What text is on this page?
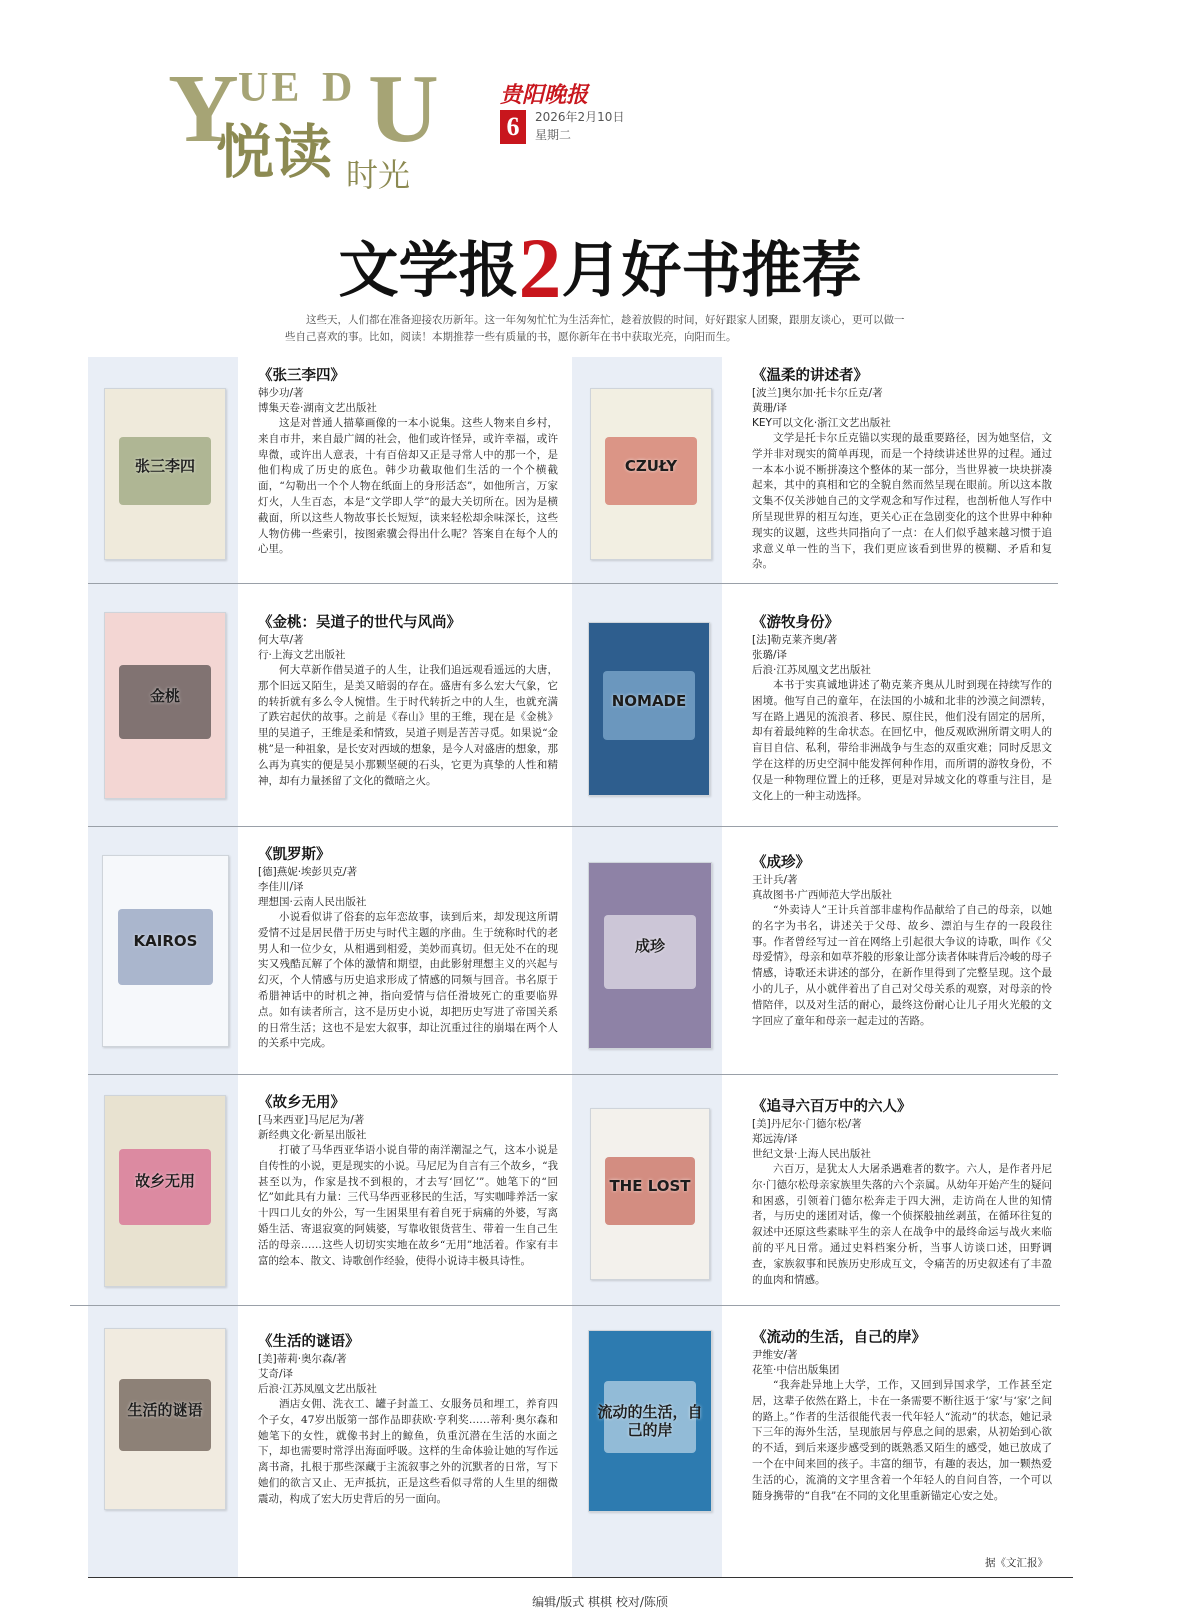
Y UE D U
悦读 时光
贵阳晚报
6	2026年2月10日
星期二
文学报2月好书推荐
这些天，人们都在准备迎接农历新年。这一年匆匆忙忙为生活奔忙，趁着放假的时间，好好跟家人团聚，跟朋友谈心，更可以做一些自己喜欢的事。比如，阅读！本期推荐一些有质量的书，愿你新年在书中获取光亮，向阳而生。
张三李四
《张三李四》
韩少功/著
博集天卷·湖南文艺出版社
这是对普通人描摹画像的一本小说集。这些人物来自乡村，来自市井，来自最广阔的社会，他们或许怪异，或许幸福，或许卑微，或许出人意表，十有百倍却又正是寻常人中的那一个，是他们构成了历史的底色。韩少功截取他们生活的一个个横截面，“勾勒出一个个人物在纸面上的身形活态”，如他所言，万家灯火，人生百态，本是“文学即人学”的最大关切所在。因为是横截面，所以这些人物故事长长短短，读来轻松却余味深长，这些人物仿佛一些索引，按图索骥会得出什么呢？答案自在每个人的心里。
CZUŁY
《温柔的讲述者》
[波兰]奥尔加·托卡尔丘克/著
黄珊/译
KEY可以文化·浙江文艺出版社
文学是托卡尔丘克锚以实现的最重要路径，因为她坚信，文学并非对现实的简单再现，而是一个持续讲述世界的过程。通过一本本小说不断拼凑这个整体的某一部分，当世界被一块块拼凑起来，其中的真相和它的全貌自然而然呈现在眼前。所以这本散文集不仅关涉她自己的文学观念和写作过程，也剖析他人写作中所呈现世界的相互勾连，更关心正在急剧变化的这个世界中种种现实的议题，这些共同指向了一点：在人们似乎越来越习惯于追求意义单一性的当下，我们更应该看到世界的模糊、矛盾和复杂。
金桃
《金桃：吴道子的世代与风尚》
何大草/著
行·上海文艺出版社
何大草新作借吴道子的人生，让我们追远观看遥远的大唐，那个旧远又陌生，是美又暗弱的存在。盛唐有多么宏大气象，它的转折就有多么令人惋惜。生于时代转折之中的人生，也就充满了跌宕起伏的故事。之前是《春山》里的王维，现在是《金桃》里的吴道子，王维是柔和情致，吴道子则是苦苦寻觅。如果说“金桃”是一种祖象，是长安对西域的想象，是今人对盛唐的想象，那么再为真实的便是吴小那颗坚硬的石头，它更为真挚的人性和精神，却有力量拯留了文化的微暗之火。
NOMADE
《游牧身份》
[法]勒克莱齐奥/著
张璐/译
后浪·江苏凤凰文艺出版社
本书于实真诚地讲述了勒克莱齐奥从儿时到现在持续写作的困境。他写自己的童年，在法国的小城和北非的沙漠之间漂转，写在路上遇见的流浪者、移民、原住民，他们没有固定的居所，却有着最纯粹的生命状态。在回忆中，他反观欧洲所谓文明人的盲目自信、私利，带给非洲战争与生态的双重灾难；同时反思文学在这样的历史空洞中能发挥何种作用，而所谓的游牧身份，不仅是一种物理位置上的迁移，更是对异域文化的尊重与注目，是文化上的一种主动选择。
KAIROS
《凯罗斯》
[德]燕妮·埃彭贝克/著
李佳川/译
理想国·云南人民出版社
小说看似讲了俗套的忘年恋故事，读到后来，却发现这所谓爱情不过是居民借于历史与时代主题的序曲。生于统称时代的老男人和一位少女，从相遇到相爱，美妙而真切。但无处不在的现实又残酷瓦解了个体的激情和期望，由此影射理想主义的兴起与幻灭，个人情感与历史追求形成了情感的同频与回音。书名原于希腊神话中的时机之神，指向爱情与信任滑坡死亡的重要临界点。如有读者所言，这不是历史小说，却把历史写进了帝国关系的日常生活；这也不是宏大叙事，却让沉重过往的崩塌在两个人的关系中完成。
成珍
《成珍》
王计兵/著
真故图书·广西师范大学出版社
“外卖诗人”王计兵首部非虚构作品献给了自己的母亲，以她的名字为书名，讲述关于父母、故乡、漂泊与生存的一段段往事。作者曾经写过一首在网络上引起很大争议的诗歌，叫作《父母爱情》，母亲和如草芥般的形象让部分读者体味背后冷峻的母子情感，诗歌还未讲述的部分，在新作里得到了完整呈现。这个最小的儿子，从小就伴着出了自己对父母关系的观察，对母亲的怜惜陪伴，以及对生活的耐心，最终这份耐心让儿子用火光般的文字回应了童年和母亲一起走过的苦路。
故乡无用
《故乡无用》
[马来西亚]马尼尼为/著
新经典文化·新星出版社
打破了马华西亚华语小说自带的南洋潮湿之气，这本小说是自传性的小说，更是现实的小说。马尼尼为自言有三个故乡，“我甚至以为，作家是找不到根的，才去写‘回忆’”。她笔下的“回忆”如此具有力量：三代马华西亚移民的生活，写实咖啡养活一家十四口儿女的外公，写一生困果里有着自死于病痛的外婆，写离婚生活、寄退寂寞的阿姨婆，写靠收银货营生、带着一生自己生活的母亲……这些人切切实实地在故乡“无用”地活着。作家有丰富的绘本、散文、诗歌创作经验，使得小说诗丰极具诗性。
THE LOST
《追寻六百万中的六人》
[美]丹尼尔·门德尔松/著
郑远涛/译
世纪文景·上海人民出版社
六百万，是犹太人大屠杀遇难者的数字。六人，是作者丹尼尔·门德尔松母亲家族里失落的六个亲属。从幼年开始产生的疑问和困惑，引领着门德尔松奔走于四大洲，走访尚在人世的知情者，与历史的迷团对话，像一个侦探般抽丝剥茧，在循环往复的叙述中还原这些素昧平生的亲人在战争中的最终命运与战火来临前的平凡日常。通过史料档案分析，当事人访谈口述，田野调查，家族叙事和民族历史形成互文，令痛苦的历史叙述有了丰盈的血肉和情感。
生活的谜语
《生活的谜语》
[美]蒂莉·奥尔森/著
艾奇/译
后浪·江苏凤凰文艺出版社
酒店女佣、洗衣工、罐子封盖工、女服务员和埋工，养育四个子女，47岁出版第一部作品即获欧·亨利奖……蒂利·奥尔森和她笔下的女性，就像书封上的鲸鱼，负重沉潜在生活的水面之下，却也需要时常浮出海面呼吸。这样的生命体验让她的写作远离书斋，扎根于那些深藏于主流叙事之外的沉默者的日常，写下她们的欲言又止、无声抵抗，正是这些看似寻常的人生里的细微震动，构成了宏大历史背后的另一面向。
流动的生活，自己的岸
《流动的生活，自己的岸》
尹维安/著
花笙·中信出版集团
“我奔赴异地上大学，工作，又回到异国求学，工作甚至定居，这辈子依然在路上，卡在一条需要不断往返于‘家’与‘家’之间的路上。”作者的生活很能代表一代年轻人“流动”的状态，她记录下三年的海外生活，呈现旅居与停息之间的思索，从初始到心欲的不适，到后来逐步感受到的既熟悉又陌生的感受，她已放成了一个在中间来回的孩子。丰富的细节，有趣的表达，加一颗热爱生活的心，流淌的文字里含着一个年轻人的自问自答，一个可以随身携带的“自我”在不同的文化里重新锚定心安之处。
据《文汇报》
编辑/版式 棋棋 校对/陈颀
